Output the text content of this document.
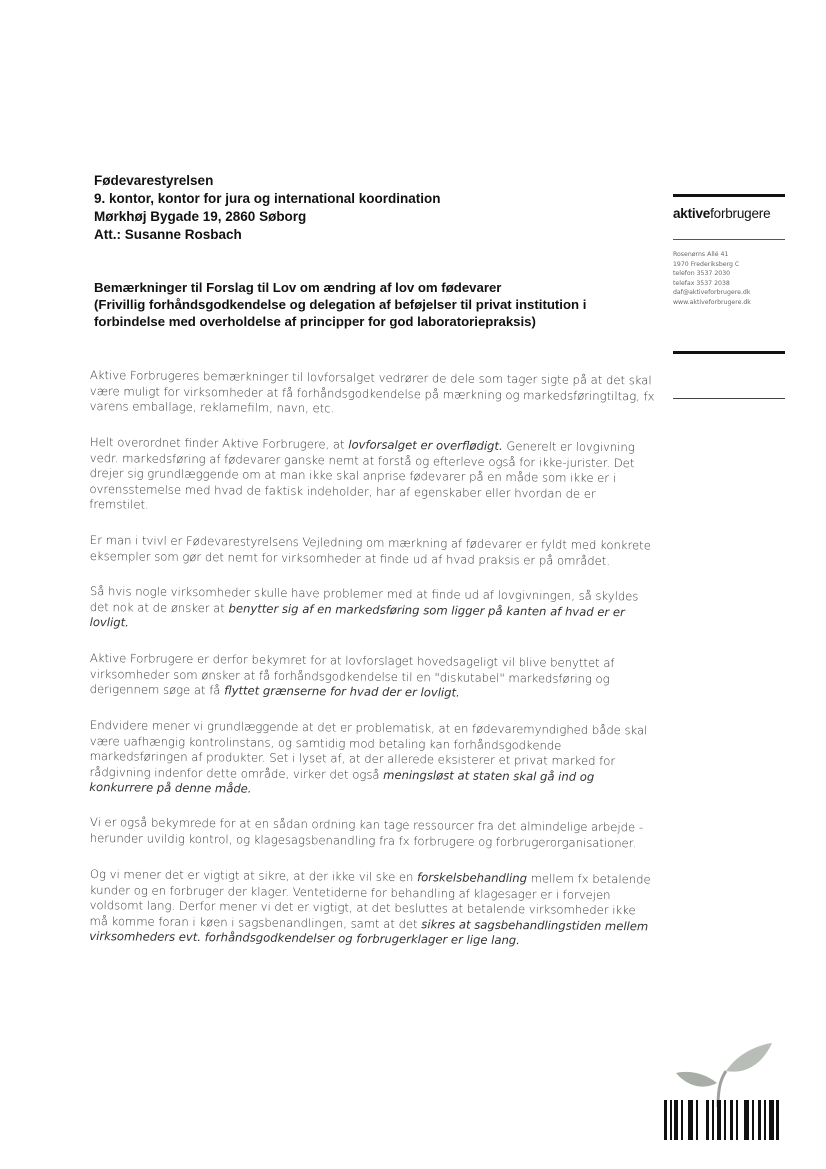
Fødevarestyrelsen
9. kontor, kontor for jura og international koordination
Mørkhøj Bygade 19, 2860 Søborg
Att.: Susanne Rosbach
aktiveforbrugere
Rosenørns Allé 41
1970 Frederiksberg C
telefon 3537 2030
telefax 3537 2038
daf@aktiveforbrugere.dk
www.aktiveforbrugere.dk
Bemærkninger til Forslag til Lov om ændring af lov om fødevarer
(Frivillig forhåndsgodkendelse og delegation af beføjelser til privat institution i
forbindelse med overholdelse af principper for god laboratoriepraksis)

Aktive Forbrugeres bemærkninger til lovforsalget vedrører de dele som tager sigte på at det skal være muligt for virksomheder at få forhåndsgodkendelse på mærkning og markedsføringtiltag, fx varens emballage, reklamefilm, navn, etc.

Helt overordnet finder Aktive Forbrugere, at lovforsalget er overflødigt. Generelt er lovgivning vedr. markedsføring af fødevarer ganske nemt at forstå og efterleve også for ikke-jurister. Det drejer sig grundlæggende om at man ikke skal anprise fødevarer på en måde som ikke er i ovrensstemelse med hvad de faktisk indeholder, har af egenskaber eller hvordan de er fremstilet.

Er man i tvivl er Fødevarestyrelsens Vejledning om mærkning af fødevarer er fyldt med konkrete eksempler som gør det nemt for virksomheder at finde ud af hvad praksis er på området.

Så hvis nogle virksomheder skulle have problemer med at finde ud af lovgivningen, så skyldes det nok at de ønsker at benytter sig af en markedsføring som ligger på kanten af hvad er er lovligt.

Aktive Forbrugere er derfor bekymret for at lovforslaget hovedsageligt vil blive benyttet af virksomheder som ønsker at få forhåndsgodkendelse til en "diskutabel" markedsføring og derigennem søge at få flyttet grænserne for hvad der er lovligt.

Endvidere mener vi grundlæggende at det er problematisk, at en fødevaremyndighed både skal være uafhængig kontrolinstans, og samtidig mod betaling kan forhåndsgodkende markedsføringen af produkter. Set i lyset af, at der allerede eksisterer et privat marked for rådgivning indenfor dette område, virker det også meningsløst at staten skal gå ind og konkurrere på denne måde.

Vi er også bekymrede for at en sådan ordning kan tage ressourcer fra det almindelige arbejde - herunder uvildig kontrol, og klagesagsbenandling fra fx forbrugere og forbrugerorganisationer.

Og vi mener det er vigtigt at sikre, at der ikke vil ske en forskelsbehandling mellem fx betalende kunder og en forbruger der klager. Ventetiderne for behandling af klagesager er i forvejen voldsomt lang. Derfor mener vi det er vigtigt, at det besluttes at betalende virksomheder ikke må komme foran i køen i sagsbenandlingen, samt at det sikres at sagsbehandlingstiden mellem virksomheders evt. forhåndsgodkendelser og forbrugerklager er lige lang.
